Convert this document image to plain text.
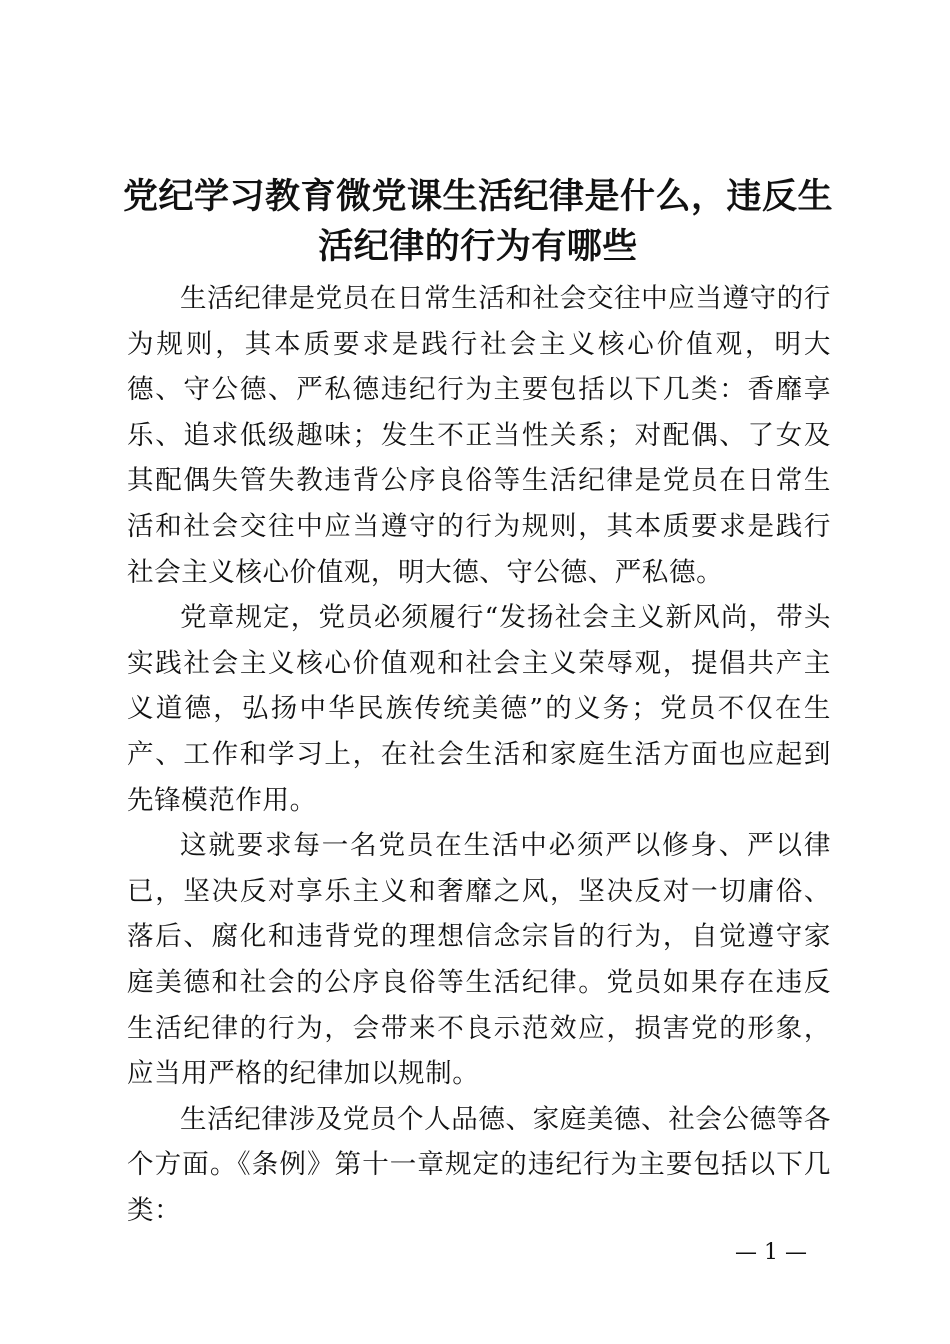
党纪学习教育微党课生活纪律是什么，违反生
活纪律的行为有哪些

生活纪律是党员在日常生活和社会交往中应当遵守的行为规则，其本质要求是践行社会主义核心价值观，明大德、守公德、严私德违纪行为主要包括以下几类：香靡享乐、追求低级趣味；发生不正当性关系；对配偶、了女及其配偶失管失教违背公序良俗等生活纪律是党员在日常生活和社会交往中应当遵守的行为规则，其本质要求是践行社会主义核心价值观，明大德、守公德、严私德。

党章规定，党员必须履行“发扬社会主义新风尚，带头实践社会主义核心价值观和社会主义荣辱观，提倡共产主义道德，弘扬中华民族传统美德”的义务；党员不仅在生产、工作和学习上，在社会生活和家庭生活方面也应起到先锋模范作用。

这就要求每一名党员在生活中必须严以修身、严以律已，坚决反对享乐主义和奢靡之风，坚决反对一切庸俗、落后、腐化和违背党的理想信念宗旨的行为，自觉遵守家庭美德和社会的公序良俗等生活纪律。党员如果存在违反生活纪律的行为，会带来不良示范效应，损害党的形象，应当用严格的纪律加以规制。

生活纪律涉及党员个人品德、家庭美德、社会公德等各个方面。《条例》第十一章规定的违纪行为主要包括以下几类：

— 1 —
